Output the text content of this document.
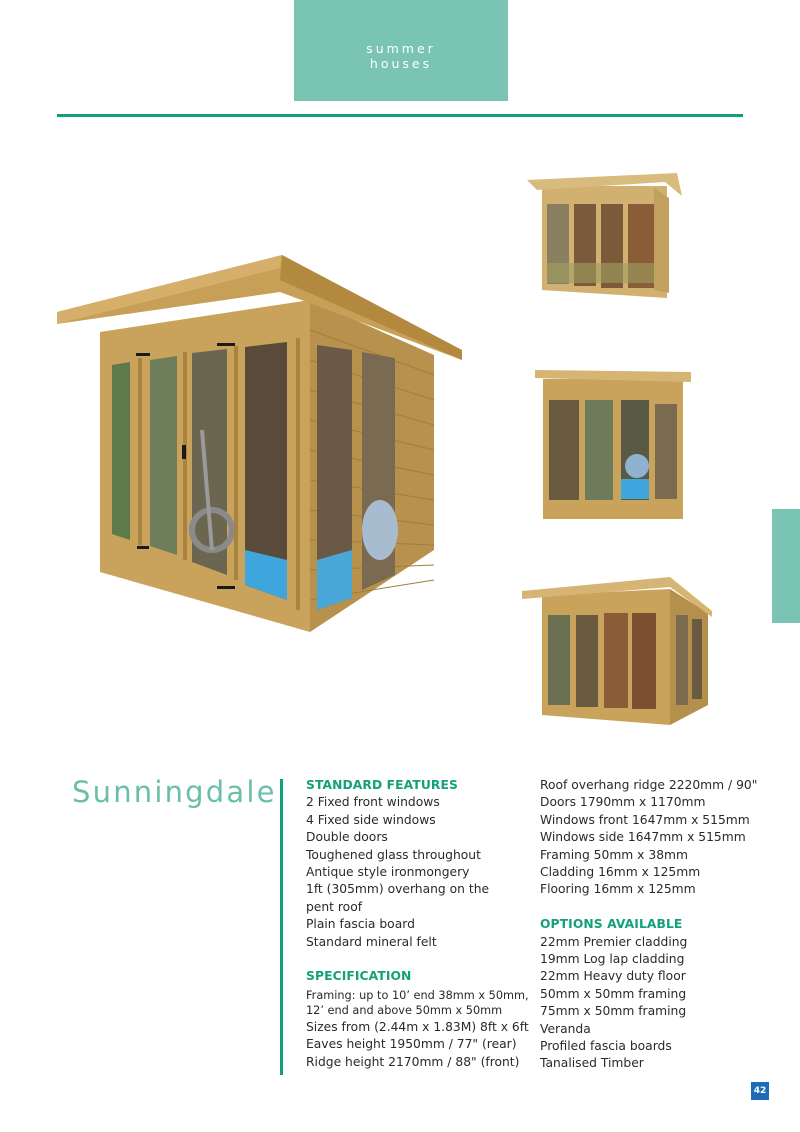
summer
houses
Sunningdale STANDARD FEATURES
2 Fixed front windows
4 Fixed side windows
Double doors
Toughened glass throughout
Antique style ironmongery
1ft (305mm) overhang on the
pent roof
Plain fascia board
Standard mineral felt
SPECIFICATION
Framing: up to 10’ end 38mm x 50mm,
12’ end and above 50mm x 50mm
Sizes from (2.44m x 1.83M) 8ft x 6ft
Eaves height 1950mm / 77" (rear)
Ridge height 2170mm / 88" (front)
Roof overhang ridge 2220mm / 90"
Doors 1790mm x 1170mm
Windows front 1647mm x 515mm
Windows side 1647mm x 515mm
Framing 50mm x 38mm
Cladding 16mm x 125mm
Flooring 16mm x 125mm
OPTIONS AVAILABLE
22mm Premier cladding
19mm Log lap cladding
22mm Heavy duty floor
50mm x 50mm framing
75mm x 50mm framing
Veranda
Profiled fascia boards
Tanalised Timber
42
